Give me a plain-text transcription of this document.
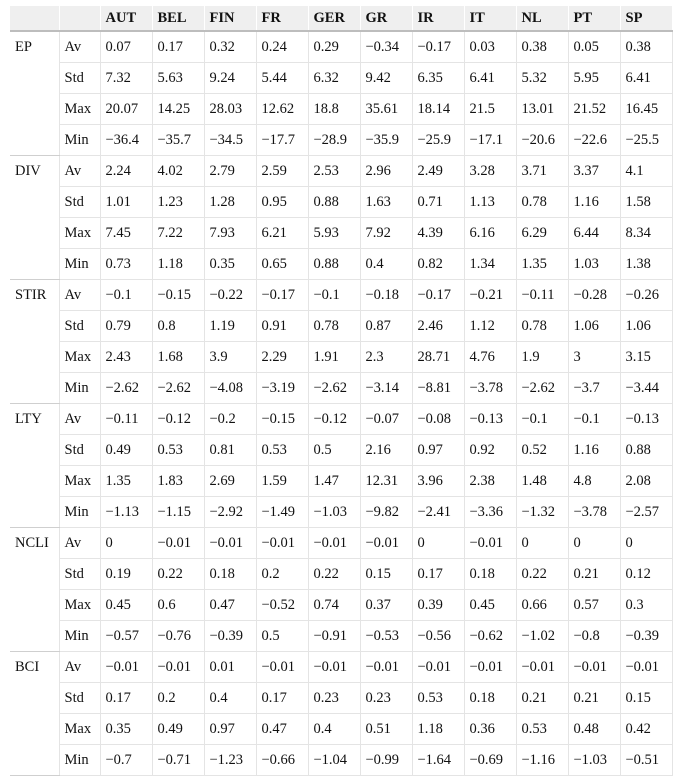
		AUT	BEL	FIN	FR	GER	GR	IR	IT	NL	PT	SP
EP	Av	0.07	0.17	0.32	0.24	0.29	−0.34	−0.17	0.03	0.38	0.05	0.38
	Std	7.32	5.63	9.24	5.44	6.32	9.42	6.35	6.41	5.32	5.95	6.41
	Max	20.07	14.25	28.03	12.62	18.8	35.61	18.14	21.5	13.01	21.52	16.45
	Min	−36.4	−35.7	−34.5	−17.7	−28.9	−35.9	−25.9	−17.1	−20.6	−22.6	−25.5
DIV	Av	2.24	4.02	2.79	2.59	2.53	2.96	2.49	3.28	3.71	3.37	4.1
	Std	1.01	1.23	1.28	0.95	0.88	1.63	0.71	1.13	0.78	1.16	1.58
	Max	7.45	7.22	7.93	6.21	5.93	7.92	4.39	6.16	6.29	6.44	8.34
	Min	0.73	1.18	0.35	0.65	0.88	0.4	0.82	1.34	1.35	1.03	1.38
STIR	Av	−0.1	−0.15	−0.22	−0.17	−0.1	−0.18	−0.17	−0.21	−0.11	−0.28	−0.26
	Std	0.79	0.8	1.19	0.91	0.78	0.87	2.46	1.12	0.78	1.06	1.06
	Max	2.43	1.68	3.9	2.29	1.91	2.3	28.71	4.76	1.9	3	3.15
	Min	−2.62	−2.62	−4.08	−3.19	−2.62	−3.14	−8.81	−3.78	−2.62	−3.7	−3.44
LTY	Av	−0.11	−0.12	−0.2	−0.15	−0.12	−0.07	−0.08	−0.13	−0.1	−0.1	−0.13
	Std	0.49	0.53	0.81	0.53	0.5	2.16	0.97	0.92	0.52	1.16	0.88
	Max	1.35	1.83	2.69	1.59	1.47	12.31	3.96	2.38	1.48	4.8	2.08
	Min	−1.13	−1.15	−2.92	−1.49	−1.03	−9.82	−2.41	−3.36	−1.32	−3.78	−2.57
NCLI	Av	0	−0.01	−0.01	−0.01	−0.01	−0.01	0	−0.01	0	0	0
	Std	0.19	0.22	0.18	0.2	0.22	0.15	0.17	0.18	0.22	0.21	0.12
	Max	0.45	0.6	0.47	−0.52	0.74	0.37	0.39	0.45	0.66	0.57	0.3
	Min	−0.57	−0.76	−0.39	0.5	−0.91	−0.53	−0.56	−0.62	−1.02	−0.8	−0.39
BCI	Av	−0.01	−0.01	0.01	−0.01	−0.01	−0.01	−0.01	−0.01	−0.01	−0.01	−0.01
	Std	0.17	0.2	0.4	0.17	0.23	0.23	0.53	0.18	0.21	0.21	0.15
	Max	0.35	0.49	0.97	0.47	0.4	0.51	1.18	0.36	0.53	0.48	0.42
	Min	−0.7	−0.71	−1.23	−0.66	−1.04	−0.99	−1.64	−0.69	−1.16	−1.03	−0.51
